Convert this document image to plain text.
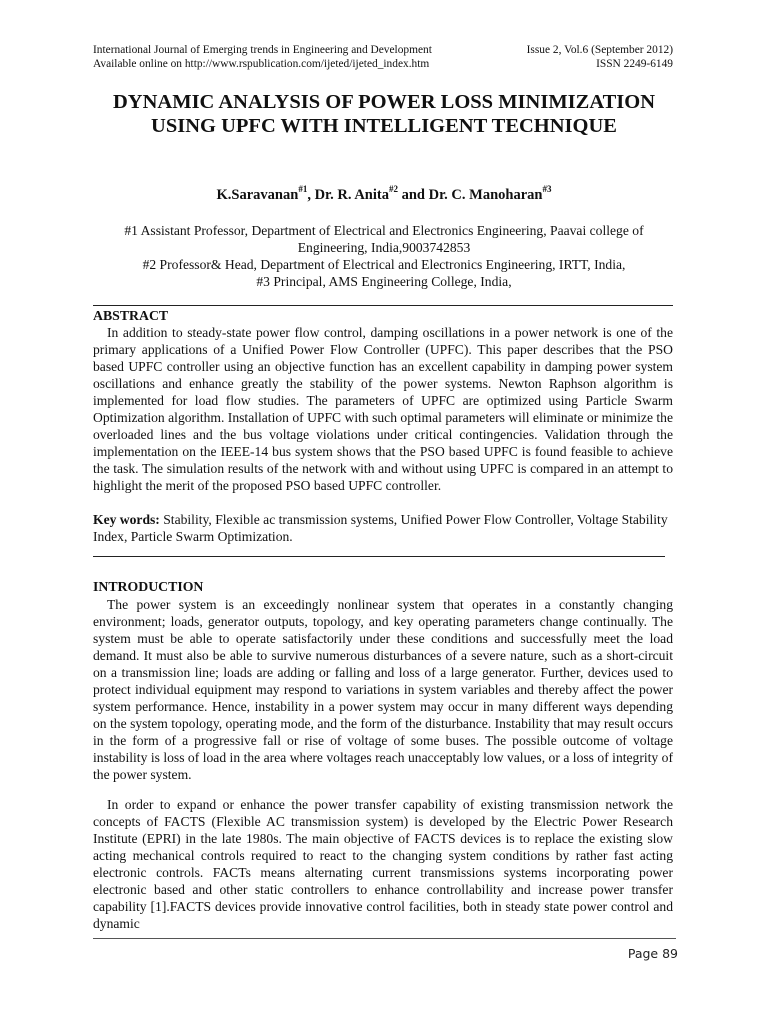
International Journal of Emerging trends in Engineering and Development	Issue 2, Vol.6 (September 2012)
Available online on http://www.rspublication.com/ijeted/ijeted_index.htm	ISSN 2249-6149
DYNAMIC ANALYSIS OF POWER LOSS MINIMIZATION USING UPFC WITH INTELLIGENT TECHNIQUE
K.Saravanan$^{\#1}$, Dr. R. Anita$^{\#2}$ and Dr. C. Manoharan$^{\#3}$
#1 Assistant Professor, Department of Electrical and Electronics Engineering, Paavai college of Engineering, India,9003742853
#2 Professor& Head, Department of Electrical and Electronics Engineering, IRTT, India,
#3 Principal, AMS Engineering College, India,
ABSTRACT
In addition to steady-state power flow control, damping oscillations in a power network is one of the primary applications of a Unified Power Flow Controller (UPFC). This paper describes that the PSO based UPFC controller using an objective function has an excellent capability in damping power system oscillations and enhance greatly the stability of the power systems. Newton Raphson algorithm is implemented for load flow studies. The parameters of UPFC are optimized using Particle Swarm Optimization algorithm. Installation of UPFC with such optimal parameters will eliminate or minimize the overloaded lines and the bus voltage violations under critical contingencies. Validation through the implementation on the IEEE-14 bus system shows that the PSO based UPFC is found feasible to achieve the task. The simulation results of the network with and without using UPFC is compared in an attempt to highlight the merit of the proposed PSO based UPFC controller.
Key words: Stability, Flexible ac transmission systems, Unified Power Flow Controller, Voltage Stability Index, Particle Swarm Optimization.
INTRODUCTION
The power system is an exceedingly nonlinear system that operates in a constantly changing environment; loads, generator outputs, topology, and key operating parameters change continually. The system must be able to operate satisfactorily under these conditions and successfully meet the load demand. It must also be able to survive numerous disturbances of a severe nature, such as a short-circuit on a transmission line; loads are adding or falling and loss of a large generator. Further, devices used to protect individual equipment may respond to variations in system variables and thereby affect the power system performance. Hence, instability in a power system may occur in many different ways depending on the system topology, operating mode, and the form of the disturbance. Instability that may result occurs in the form of a progressive fall or rise of voltage of some buses. The possible outcome of voltage instability is loss of load in the area where voltages reach unacceptably low values, or a loss of integrity of the power system.
In order to expand or enhance the power transfer capability of existing transmission network the concepts of FACTS (Flexible AC transmission system) is developed by the Electric Power Research Institute (EPRI) in the late 1980s. The main objective of FACTS devices is to replace the existing slow acting mechanical controls required to react to the changing system conditions by rather fast acting electronic controls. FACTs means alternating current transmissions systems incorporating power electronic based and other static controllers to enhance controllability and increase power transfer capability [1].FACTS devices provide innovative control facilities, both in steady state power control and dynamic
Page 89
